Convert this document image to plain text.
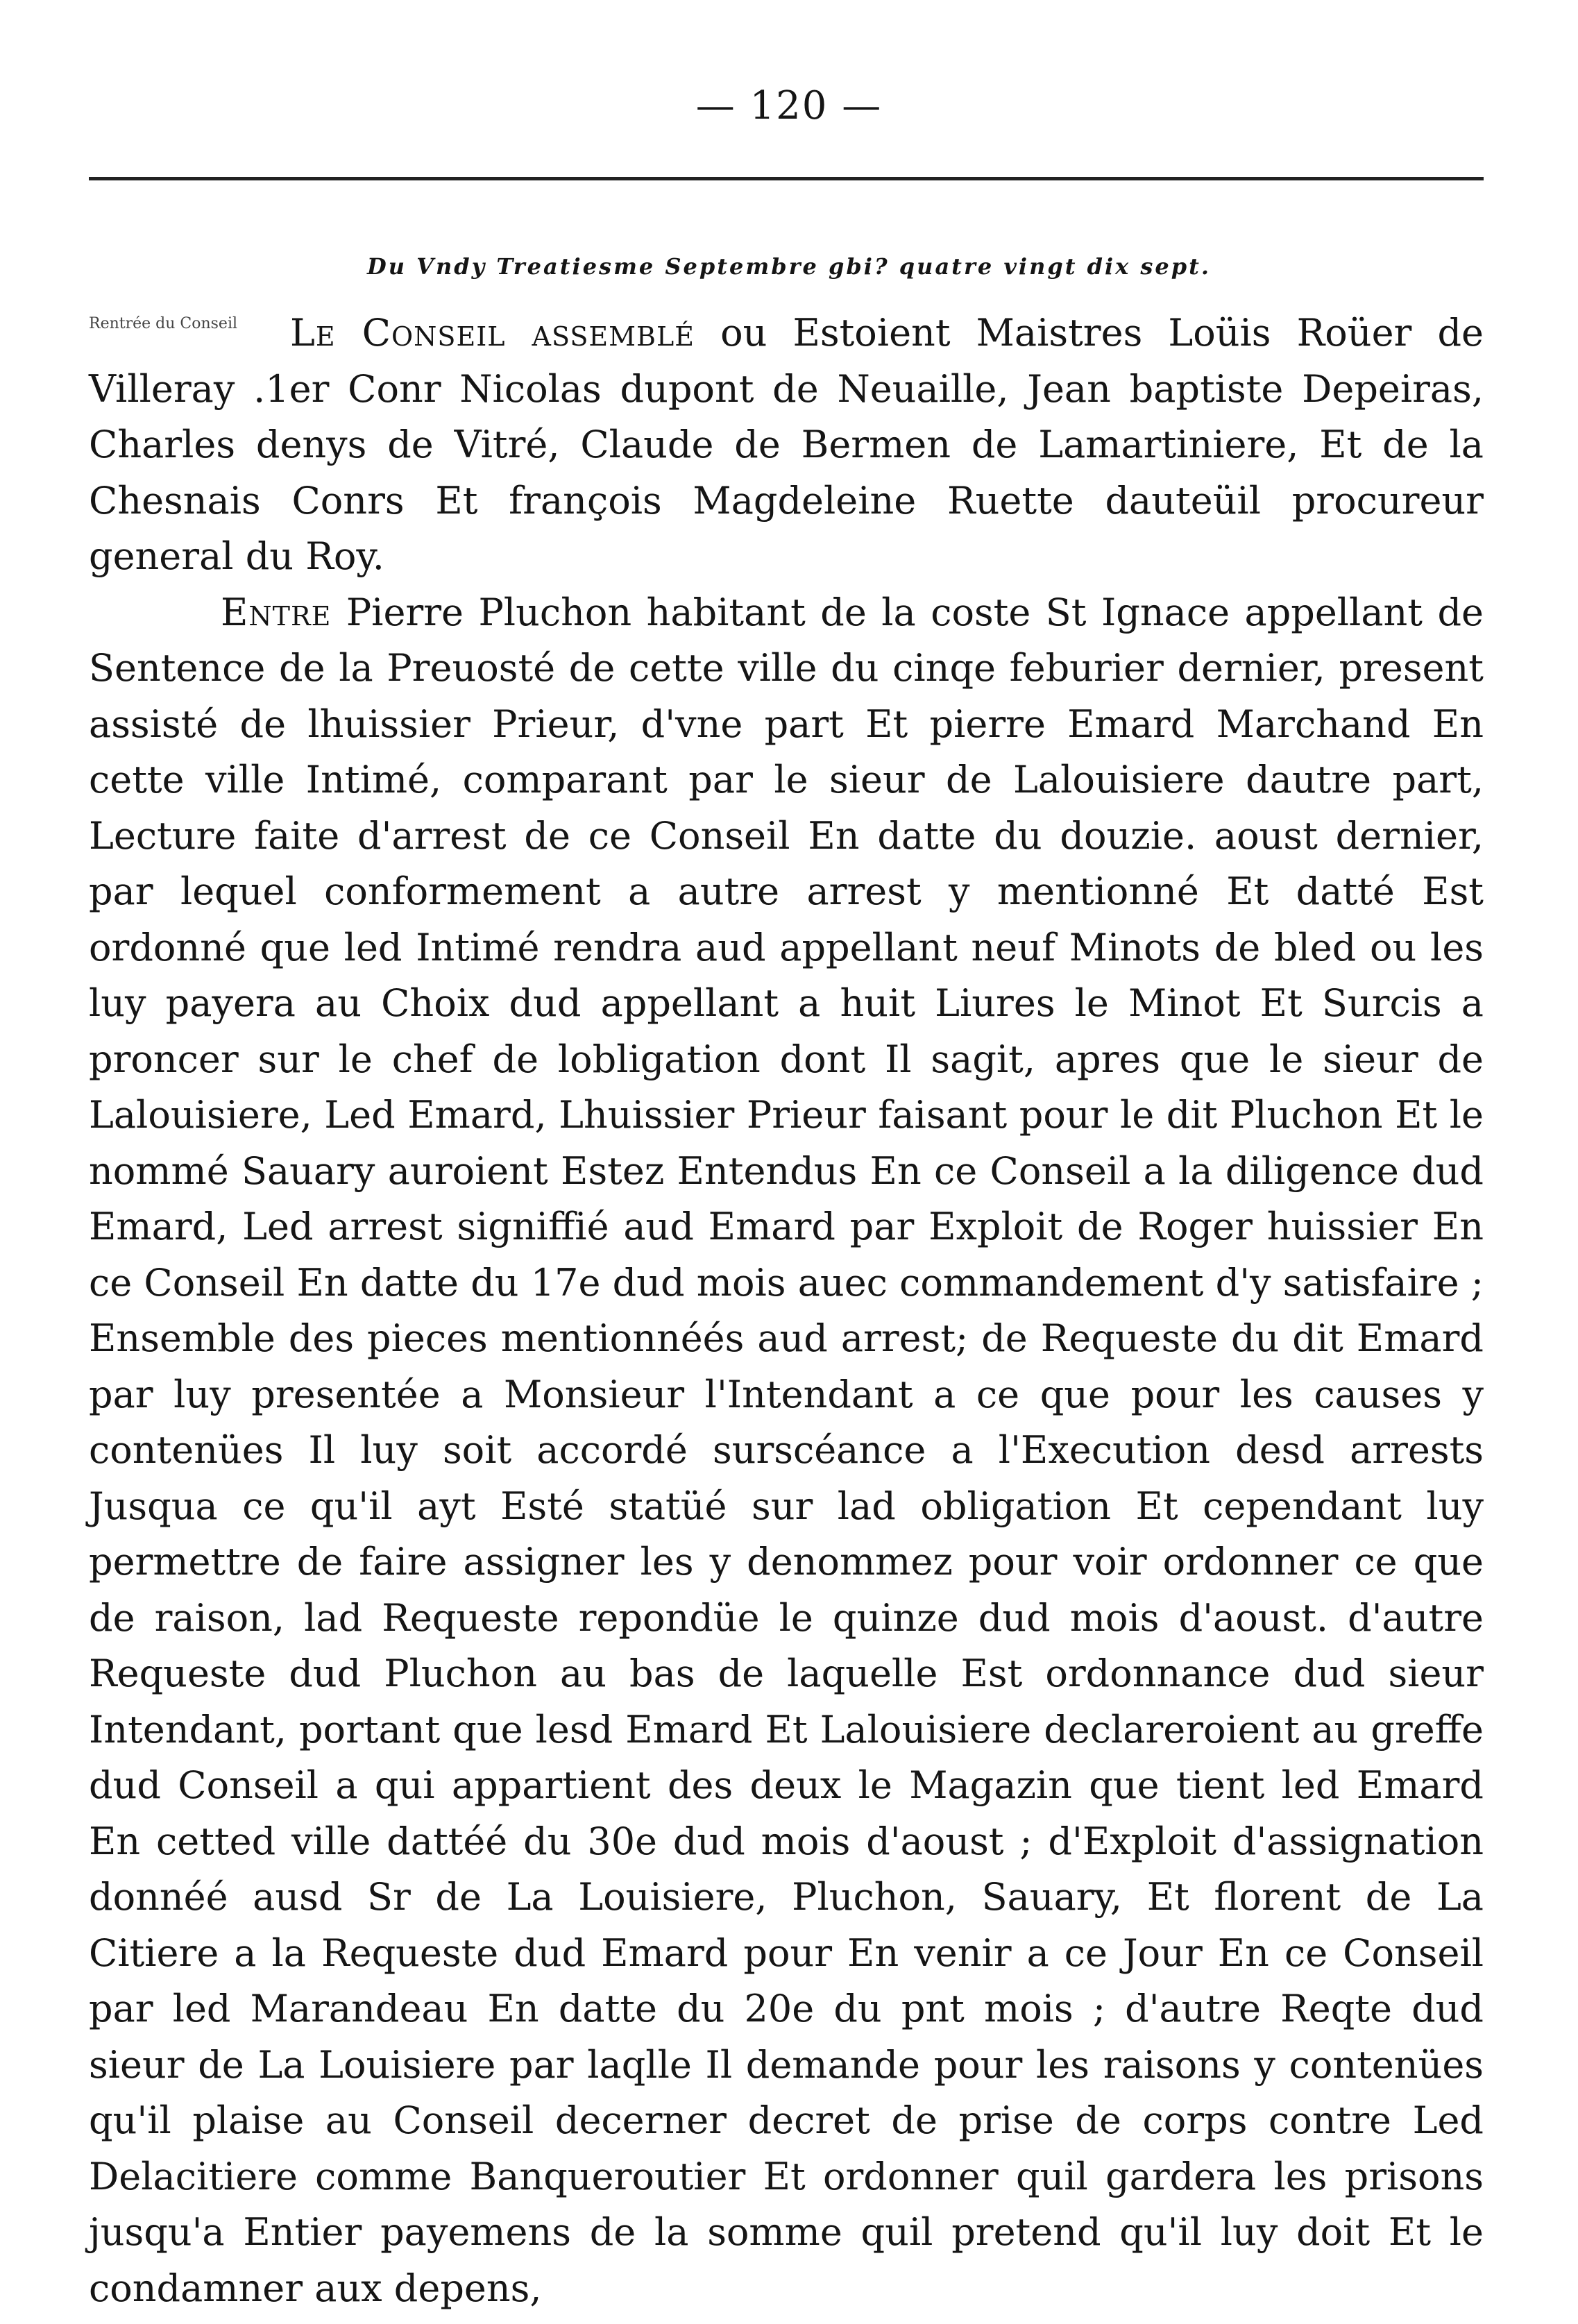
— 120 —
Du Vndy Treatiesme Septembre gbi? quatre vingt dix sept.

Rentrée du Conseil	Le Conseil assemblé ou Estoient Maistres Loüis Roüer de Villeray .1er Conr Nicolas dupont de Neuaille, Jean baptiste Depeiras, Charles denys de Vitré, Claude de Bermen de Lamartiniere, Et de la Chesnais Conrs Et françois Magdeleine Ruette dauteüil procureur general du Roy.

Entre Pierre Pluchon habitant de la coste St Ignace appellant de Sentence de la Preuosté de cette ville du cinqe feburier dernier, present assisté de lhuissier Prieur, d'vne part Et pierre Emard Marchand En cette ville Intimé, comparant par le sieur de Lalouisiere dautre part, Lecture faite d'arrest de ce Conseil En datte du douzie. aoust dernier, par lequel conformement a autre arrest y mentionné Et datté Est ordonné que led Intimé rendra aud appellant neuf Minots de bled ou les luy payera au Choix dud appellant a huit Liures le Minot Et Surcis a proncer sur le chef de lobligation dont Il sagit, apres que le sieur de Lalouisiere, Led Emard, Lhuissier Prieur faisant pour le dit Pluchon Et le nommé Sauary auroient Estez Entendus En ce Conseil a la diligence dud Emard, Led arrest signiffié aud Emard par Exploit de Roger huissier En ce Conseil En datte du 17e dud mois auec commandement d'y satisfaire ; Ensemble des pieces mentionnéés aud arrest; de Requeste du dit Emard par luy presentée a Monsieur l'Intendant a ce que pour les causes y contenües Il luy soit accordé surscéance a l'Execution desd arrests Jusqua ce qu'il ayt Esté statüé sur lad obligation Et cependant luy permettre de faire assigner les y denommez pour voir ordonner ce que de raison, lad Requeste repondüe le quinze dud mois d'aoust. d'autre Requeste dud Pluchon au bas de laquelle Est ordonnance dud sieur Intendant, portant que lesd Emard Et Lalouisiere declareroient au greffe dud Conseil a qui appartient des deux le Magazin que tient led Emard En cetted ville dattéé du 30e dud mois d'aoust ; d'Exploit d'assignation donnéé ausd Sr de La Louisiere, Pluchon, Sauary, Et florent de La Citiere a la Requeste dud Emard pour En venir a ce Jour En ce Conseil par led Marandeau En datte du 20e du pnt mois ; d'autre Reqte dud sieur de La Louisiere par laqlle Il demande pour les raisons y contenües qu'il plaise au Conseil decerner decret de prise de corps contre Led Delacitiere comme Banqueroutier Et ordonner quil gardera les prisons jusqu'a Entier payemens de la somme quil pretend qu'il luy doit Et le condamner aux depens,
